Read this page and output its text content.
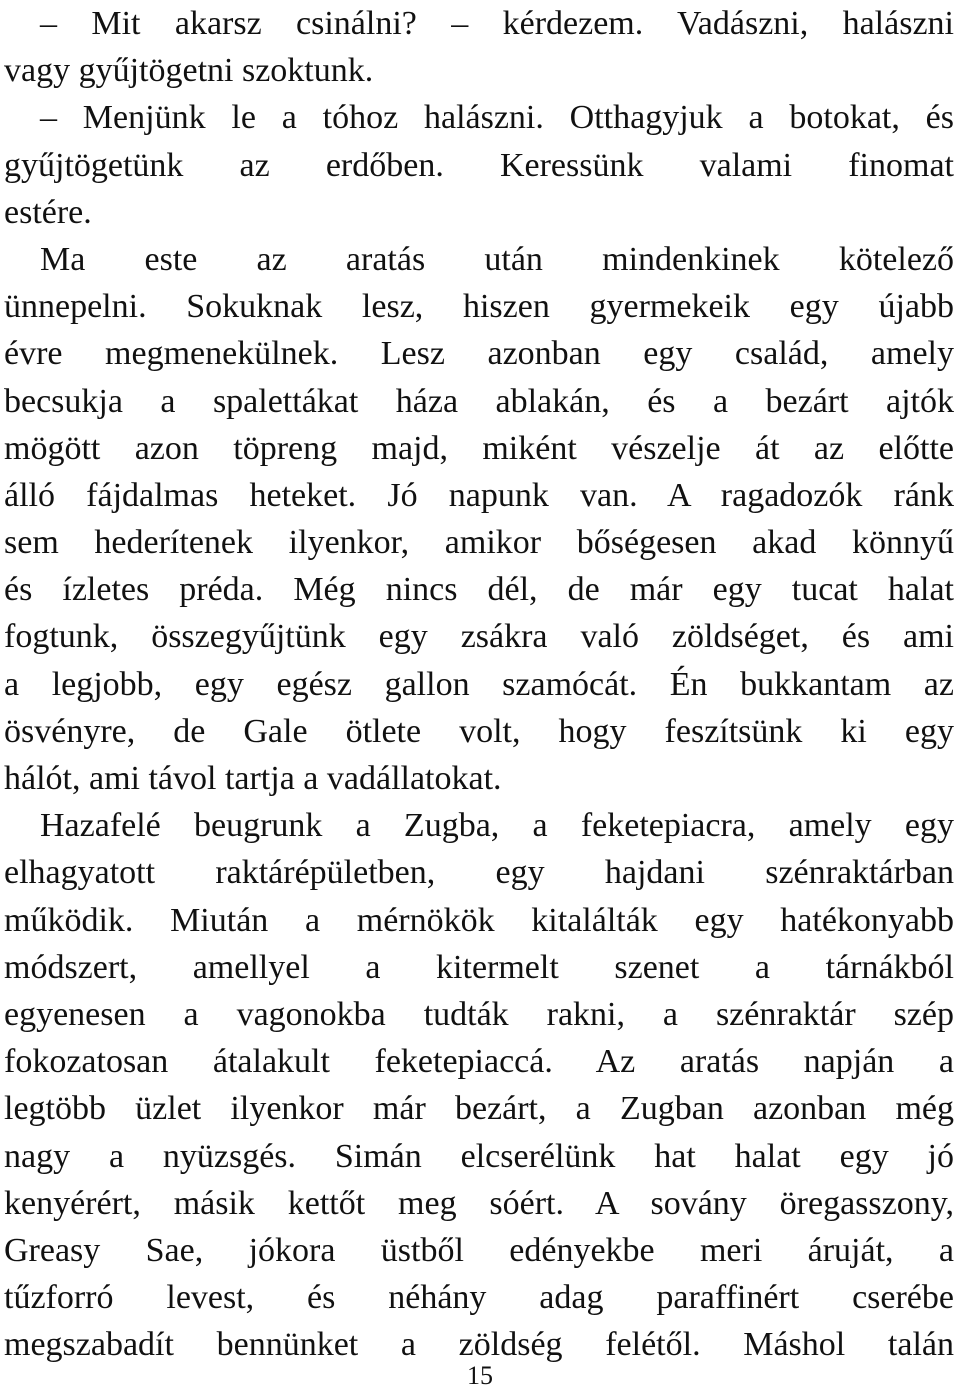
– Mit akarsz csinálni? – kérdezem. Vadászni, halászni
vagy gyűjtögetni szoktunk.
– Menjünk le a tóhoz halászni. Otthagyjuk a botokat, és
gyűjtögetünk az erdőben. Keressünk valami finomat
estére.
Ma este az aratás után mindenkinek kötelező
ünnepelni. Sokuknak lesz, hiszen gyermekeik egy újabb
évre megmenekülnek. Lesz azonban egy család, amely
becsukja a spalettákat háza ablakán, és a bezárt ajtók
mögött azon töpreng majd, miként vészelje át az előtte
álló fájdalmas heteket. Jó napunk van. A ragadozók ránk
sem hederítenek ilyenkor, amikor bőségesen akad könnyű
és ízletes préda. Még nincs dél, de már egy tucat halat
fogtunk, összegyűjtünk egy zsákra való zöldséget, és ami
a legjobb, egy egész gallon szamócát. Én bukkantam az
ösvényre, de Gale ötlete volt, hogy feszítsünk ki egy
hálót, ami távol tartja a vadállatokat.
Hazafelé beugrunk a Zugba, a feketepiacra, amely egy
elhagyatott raktárépületben, egy hajdani szénraktárban
működik. Miután a mérnökök kitalálták egy hatékonyabb
módszert, amellyel a kitermelt szenet a tárnákból
egyenesen a vagonokba tudták rakni, a szénraktár szép
fokozatosan átalakult feketepiaccá. Az aratás napján a
legtöbb üzlet ilyenkor már bezárt, a Zugban azonban még
nagy a nyüzsgés. Simán elcserélünk hat halat egy jó
kenyérért, másik kettőt meg sóért. A sovány öregasszony,
Greasy Sae, jókora üstből edényekbe meri áruját, a
tűzforró levest, és néhány adag paraffinért cserébe
megszabadít bennünket a zöldség felétől. Máshol talán
15
